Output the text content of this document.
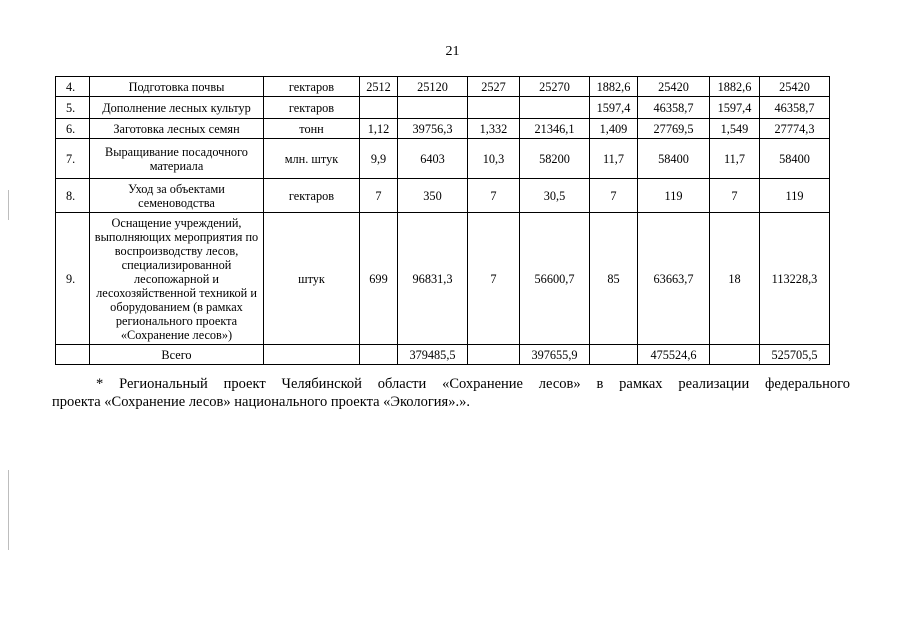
21
4.	Подготовка почвы	гектаров	2512	25120	2527	25270	1882,6	25420	1882,6	25420
5.	Дополнение лесных культур	гектаров					1597,4	46358,7	1597,4	46358,7
6.	Заготовка лесных семян	тонн	1,12	39756,3	1,332	21346,1	1,409	27769,5	1,549	27774,3
7.	Выращивание посадочного материала	млн. штук	9,9	6403	10,3	58200	11,7	58400	11,7	58400
8.	Уход за объектами семеноводства	гектаров	7	350	7	30,5	7	119	7	119
9.	Оснащение учреждений, выполняющих мероприятия по воспроизводству лесов, специализированной лесопожарной и лесохозяйственной техникой и оборудованием (в рамках регионального проекта «Сохранение лесов»)	штук	699	96831,3	7	56600,7	85	63663,7	18	113228,3
	Всего			379485,5		397655,9		475524,6		525705,5
* Региональный проект Челябинской области «Сохранение лесов» в рамках реализации федерального
проекта «Сохранение лесов» национального проекта «Экология».».
